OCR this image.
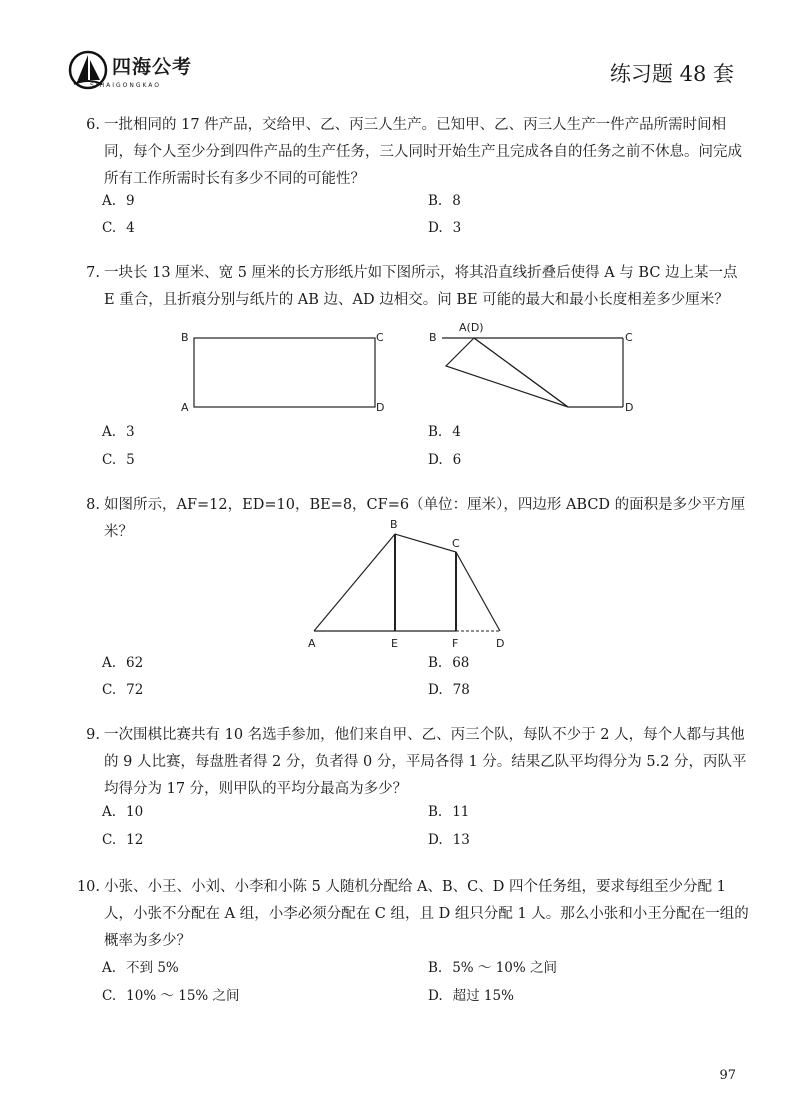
四海公考
SIHAIGONGKAO	练习题 48 套
6. 一批相同的 17 件产品，交给甲、乙、丙三人生产。已知甲、乙、丙三人生产一件产品所需时间相同，每个人至少分到四件产品的生产任务，三人同时开始生产且完成各自的任务之前不休息。问完成所有工作所需时长有多少不同的可能性？
A. 9	B. 8
C. 4	D. 3
7. 一块长 13 厘米、宽 5 厘米的长方形纸片如下图所示，将其沿直线折叠后使得 A 与 BC 边上某一点 E 重合，且折痕分别与纸片的 AB 边、AD 边相交。问 BE 可能的最大和最小长度相差多少厘米？
B	C
A	D
B
A(D)
C
D
A. 3	B. 4
C. 5	D. 6
8. 如图所示，AF=12，ED=10，BE=8，CF=6（单位：厘米），四边形 ABCD 的面积是多少平方厘米？	B
C
A	E	F	D
A. 62	B. 68
C. 72	D. 78
9. 一次围棋比赛共有 10 名选手参加，他们来自甲、乙、丙三个队，每队不少于 2 人，每个人都与其他的 9 人比赛，每盘胜者得 2 分，负者得 0 分，平局各得 1 分。结果乙队平均得分为 5.2 分，丙队平均得分为 17 分，则甲队的平均分最高为多少？
A. 10	B. 11
C. 12	D. 13
10. 小张、小王、小刘、小李和小陈 5 人随机分配给 A、B、C、D 四个任务组，要求每组至少分配 1 人，小张不分配在 A 组，小李必须分配在 C 组，且 D 组只分配 1 人。那么小张和小王分配在一组的概率为多少？
A. 不到 5%	B. 5% ～ 10% 之间
C. 10% ～ 15% 之间	D. 超过 15%
97
